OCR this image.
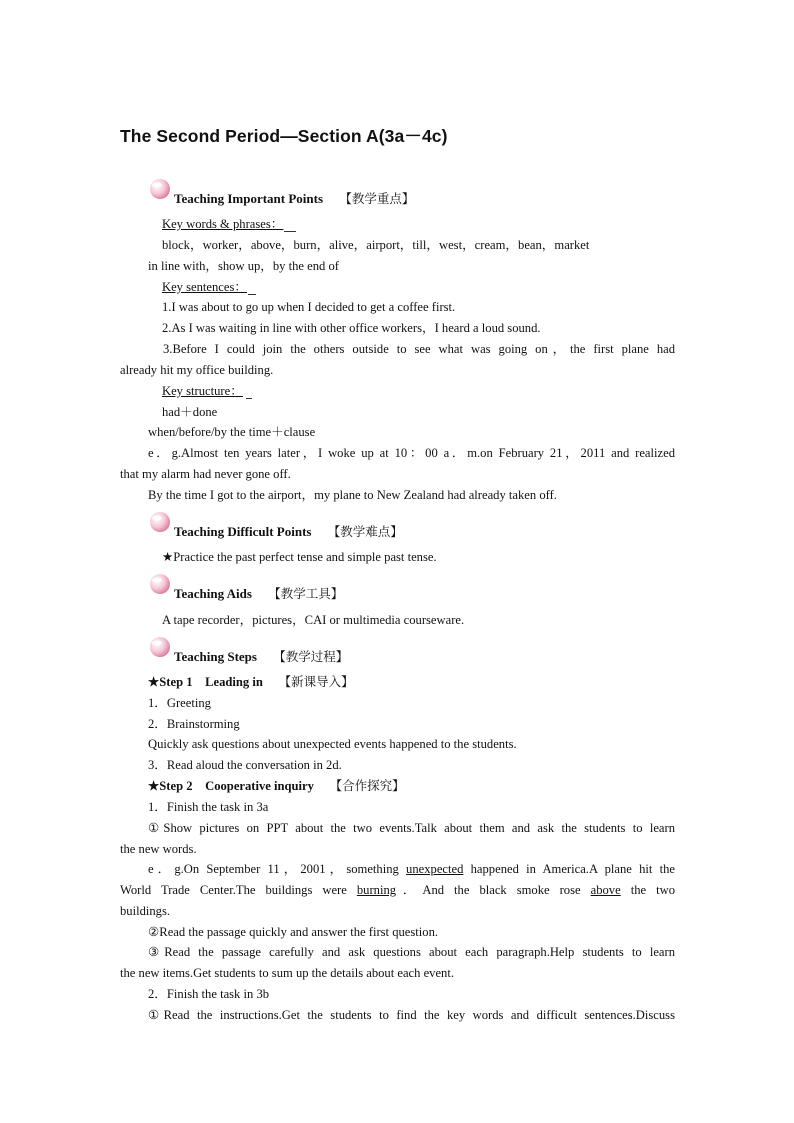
The Second Period—Section A(3a－4c)
Teaching Important Points　 【教学重点】
Key words & phrases：
block，worker，above，burn，alive，airport，till，west，cream，bean，market
in line with，show up，by the end of
Key sentences：
1.I was about to go up when I decided to get a coffee first.
2.As I was waiting in line with other office workers，I heard a loud sound.
3.Before I could join the others outside to see what was going on，the first plane had
already hit my office building.
Key structure：
had＋done
when/before/by the time＋clause
e．g.Almost ten years later，I woke up at 10：00 a．m.on February 21，2011 and realized
that my alarm had never gone off.
By the time I got to the airport，my plane to New Zealand had already taken off.
Teaching Difficult Points　 【教学难点】
★Practice the past perfect tense and simple past tense.
Teaching Aids　 【教学工具】
A tape recorder，pictures，CAI or multimedia courseware.
Teaching Steps　 【教学过程】
★Step 1　Leading in　 【新课导入】
1．Greeting
2．Brainstorming
Quickly ask questions about unexpected events happened to the students.
3．Read aloud the conversation in 2d.
★Step 2　Cooperative inquiry　 【合作探究】
1．Finish the task in 3a
①Show pictures on PPT about the two events.Talk about them and ask the students to learn
the new words.
e．g.On September 11，2001，something unexpected happened in America.A plane hit the
World Trade Center.The buildings were burning．And the black smoke rose above the two
buildings.
②Read the passage quickly and answer the first question.
③Read the passage carefully and ask questions about each paragraph.Help students to learn
the new items.Get students to sum up the details about each event.
2．Finish the task in 3b
①Read the instructions.Get the students to find the key words and difficult sentences.Discuss
